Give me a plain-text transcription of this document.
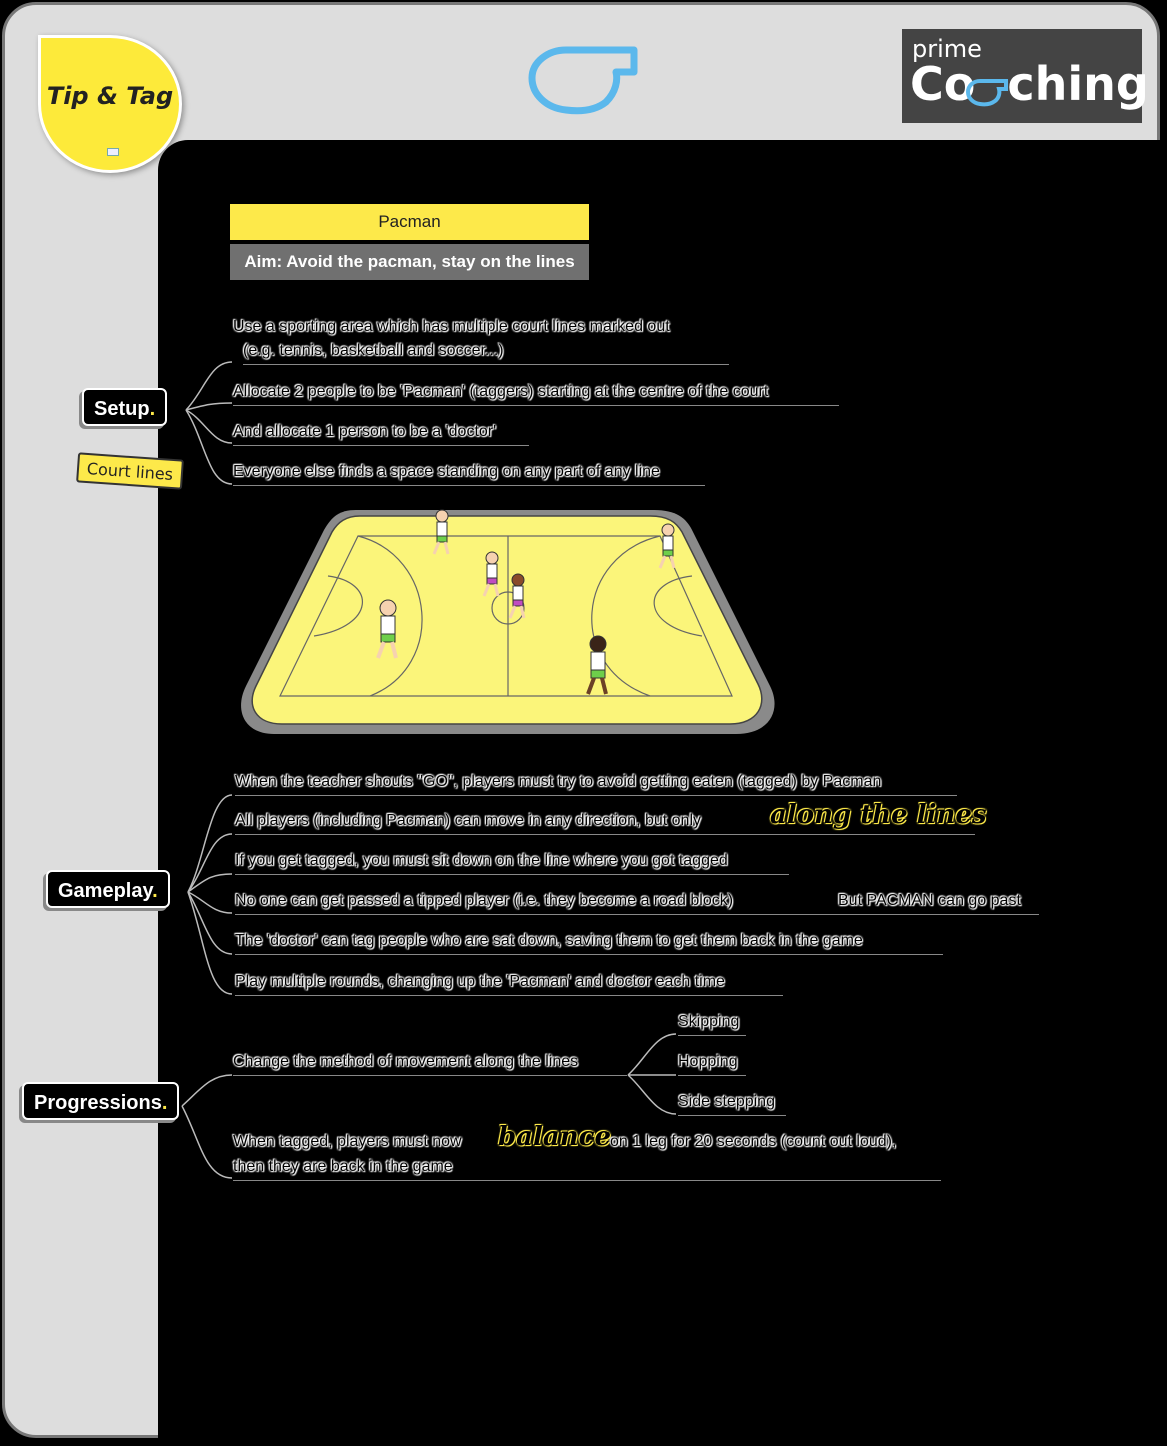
Tip & Tag
prime
Co  ching
Pacman
Aim: Avoid the pacman, stay on the lines
Setup.
Court lines
Use a sporting area which has multiple court lines marked out
(e.g. tennis, basketball and soccer...)
Allocate 2 people to be 'Pacman' (taggers) starting at the centre of the court
And allocate 1 person to be a 'doctor'
Everyone else finds a space standing on any part of any line
Gameplay.
When the teacher shouts "GO", players must try to avoid getting eaten (tagged) by Pacman
All players (including Pacman) can move in any direction, but only	along the lines
If you get tagged, you must sit down on the line where you got tagged
No one can get passed a tipped player (i.e. they become a road block)	But PACMAN can go past
The 'doctor' can tag people who are sat down, saving them to get them back in the game
Play multiple rounds, changing up the 'Pacman' and doctor each time
Progressions.
Change the method of movement along the lines
Skipping
Hopping
Side stepping
When tagged, players must now balance
on 1 leg for 20 seconds (count out loud),
then they are back in the game
